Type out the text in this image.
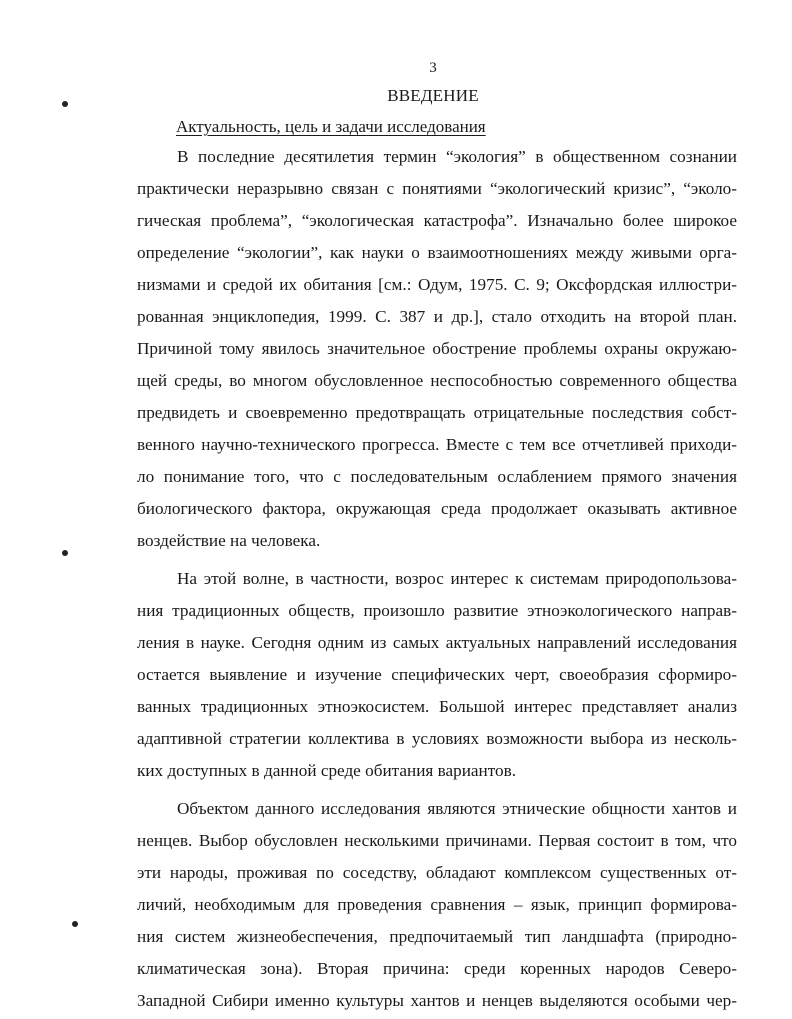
3
ВВЕДЕНИЕ
Актуальность, цель и задачи исследования
В последние десятилетия термин “экология” в общественном сознании
практически неразрывно связан с понятиями “экологический кризис”, “эколо-
гическая проблема”, “экологическая катастрофа”. Изначально более широкое
определение “экологии”, как науки о взаимоотношениях между живыми орга-
низмами и средой их обитания [см.: Одум, 1975. С. 9; Оксфордская иллюстри-
рованная энциклопедия, 1999. С. 387 и др.], стало отходить на второй план.
Причиной тому явилось значительное обострение проблемы охраны окружаю-
щей среды, во многом обусловленное неспособностью современного общества
предвидеть и своевременно предотвращать отрицательные последствия собст-
венного научно-технического прогресса. Вместе с тем все отчетливей приходи-
ло понимание того, что с последовательным ослаблением прямого значения
биологического фактора, окружающая среда продолжает оказывать активное
воздействие на человека.
На этой волне, в частности, возрос интерес к системам природопользова-
ния традиционных обществ, произошло развитие этноэкологического направ-
ления в науке. Сегодня одним из самых актуальных направлений исследования
остается выявление и изучение специфических черт, своеобразия сформиро-
ванных традиционных этноэкосистем. Большой интерес представляет анализ
адаптивной стратегии коллектива в условиях возможности выбора из несколь-
ких доступных в данной среде обитания вариантов.
Объектом данного исследования являются этнические общности хантов и
ненцев. Выбор обусловлен несколькими причинами. Первая состоит в том, что
эти народы, проживая по соседству, обладают комплексом существенных от-
личий, необходимым для проведения сравнения – язык, принцип формирова-
ния систем жизнеобеспечения, предпочитаемый тип ландшафта (природно-
климатическая зона). Вторая причина: среди коренных народов Северо-
Западной Сибири именно культуры хантов и ненцев выделяются особыми чер-
